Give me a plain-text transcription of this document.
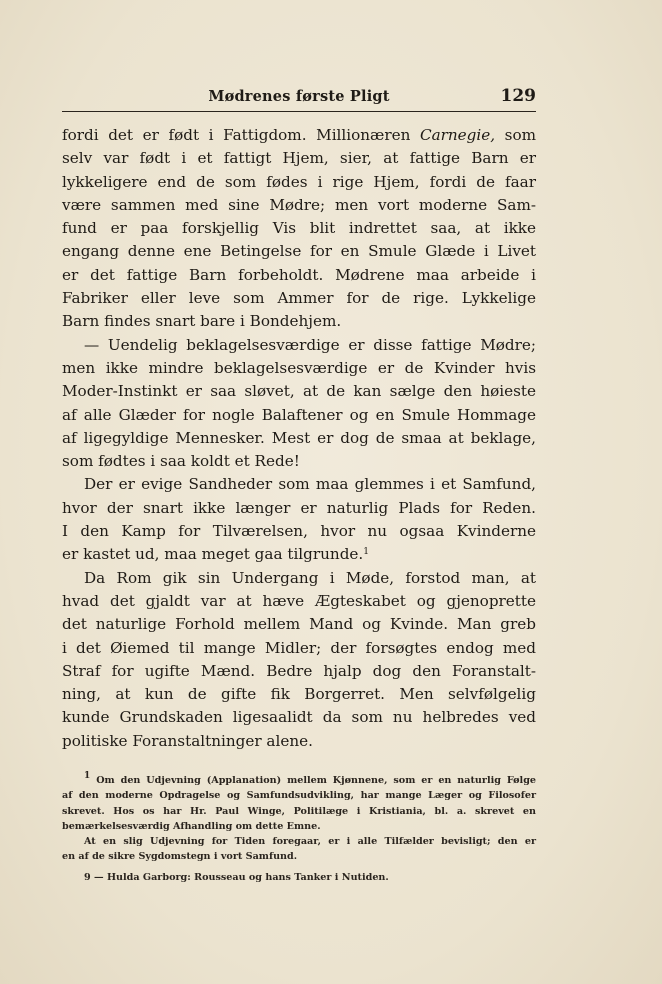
Mødrenes første Pligt	129
fordi det er født i Fattigdom. Millionæren Carnegie, som
selv var født i et fattigt Hjem, sier, at fattige Barn er
lykkeligere end de som fødes i rige Hjem, fordi de faar
være sammen med sine Mødre; men vort moderne Sam-
fund er paa forskjellig Vis blit indrettet saa, at ikke
engang denne ene Betingelse for en Smule Glæde i Livet
er det fattige Barn forbeholdt. Mødrene maa arbeide i
Fabriker eller leve som Ammer for de rige. Lykkelige
Barn findes snart bare i Bondehjem.
— Uendelig beklagelsesværdige er disse fattige Mødre;
men ikke mindre beklagelsesværdige er de Kvinder hvis
Moder-Instinkt er saa sløvet, at de kan sælge den høieste
af alle Glæder for nogle Balaftener og en Smule Hommage
af ligegyldige Mennesker. Mest er dog de smaa at beklage,
som fødtes i saa koldt et Rede!
Der er evige Sandheder som maa glemmes i et Samfund,
hvor der snart ikke længer er naturlig Plads for Reden.
I den Kamp for Tilværelsen, hvor nu ogsaa Kvinderne
er kastet ud, maa meget gaa tilgrunde.$^1$
Da Rom gik sin Undergang i Møde, forstod man, at
hvad det gjaldt var at hæve Ægteskabet og gjenoprette
det naturlige Forhold mellem Mand og Kvinde. Man greb
i det Øiemed til mange Midler; der forsøgtes endog med
Straf for ugifte Mænd. Bedre hjalp dog den Foranstalt-
ning, at kun de gifte fik Borgerret. Men selvfølgelig
kunde Grundskaden ligesaalidt da som nu helbredes ved
politiske Foranstaltninger alene.
$^1$ Om den Udjevning (Applanation) mellem Kjønnene, som er en naturlig Følge
af den moderne Opdragelse og Samfundsudvikling, har mange Læger og Filosofer
skrevet. Hos os har Hr. Paul Winge, Politilæge i Kristiania, bl. a. skrevet en
bemærkelsesværdig Afhandling om dette Emne.
At en slig Udjevning for Tiden foregaar, er i alle Tilfælder bevisligt; den er
en af de sikre Sygdomstegn i vort Samfund.
9 — Hulda Garborg: Rousseau og hans Tanker i Nutiden.
